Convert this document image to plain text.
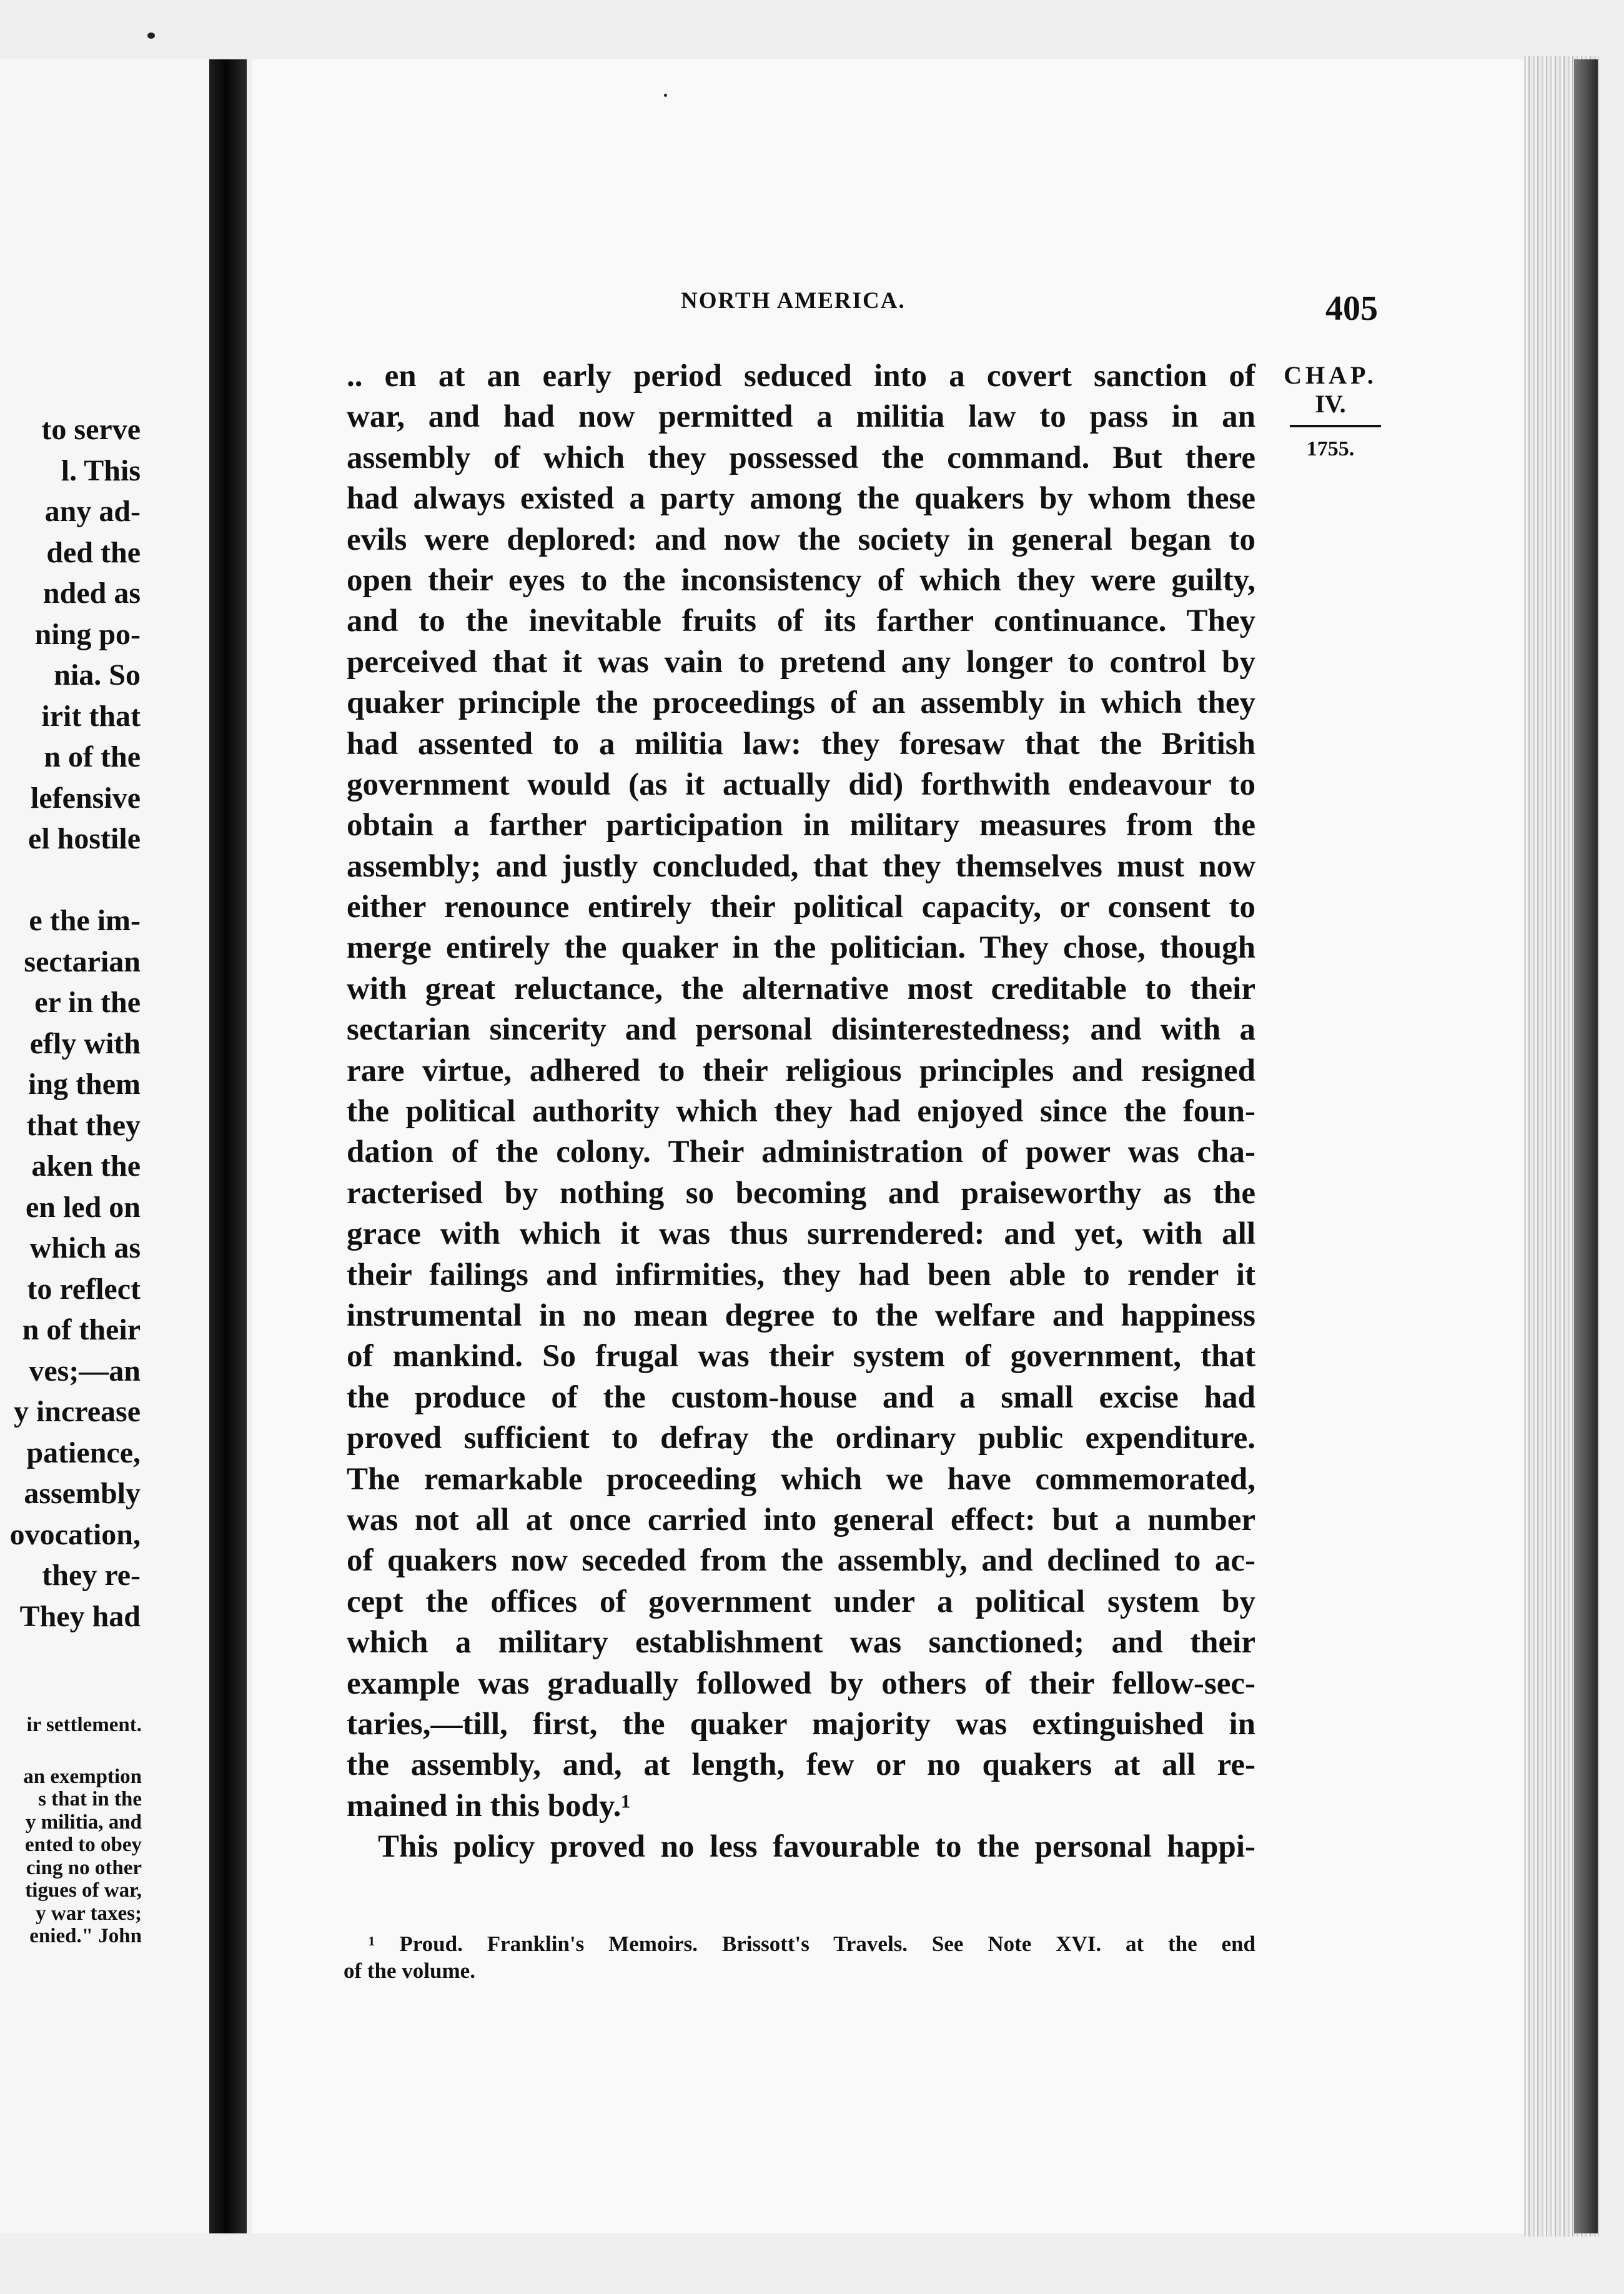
to serve
l. This
any ad-
ded the
nded as
ning po-
nia. So
irit that
n of the
lefensive
el hostile

e the im-
sectarian
er in the
efly with
ing them
that they
aken the
en led on
which as
to reflect
n of their
ves;—an
y increase
patience,
assembly
ovocation,
they re-
They had
ir settlement.
an exemption
s that in the
y militia, and
ented to obey
cing no other
tigues of war,
y war taxes;
enied." John
NORTH AMERICA.	405
CHAP.
IV.
1755.
.. en at an early period seduced into a covert sanction of
war, and had now permitted a militia law to pass in an
assembly of which they possessed the command. But there
had always existed a party among the quakers by whom these
evils were deplored: and now the society in general began to
open their eyes to the inconsistency of which they were guilty,
and to the inevitable fruits of its farther continuance. They
perceived that it was vain to pretend any longer to control by
quaker principle the proceedings of an assembly in which they
had assented to a militia law: they foresaw that the British
government would (as it actually did) forthwith endeavour to
obtain a farther participation in military measures from the
assembly; and justly concluded, that they themselves must now
either renounce entirely their political capacity, or consent to
merge entirely the quaker in the politician. They chose, though
with great reluctance, the alternative most creditable to their
sectarian sincerity and personal disinterestedness; and with a
rare virtue, adhered to their religious principles and resigned
the political authority which they had enjoyed since the foun-
dation of the colony. Their administration of power was cha-
racterised by nothing so becoming and praiseworthy as the
grace with which it was thus surrendered: and yet, with all
their failings and infirmities, they had been able to render it
instrumental in no mean degree to the welfare and happiness
of mankind. So frugal was their system of government, that
the produce of the custom-house and a small excise had
proved sufficient to defray the ordinary public expenditure.
The remarkable proceeding which we have commemorated,
was not all at once carried into general effect: but a number
of quakers now seceded from the assembly, and declined to ac-
cept the offices of government under a political system by
which a military establishment was sanctioned; and their
example was gradually followed by others of their fellow-sec-
taries,—till, first, the quaker majority was extinguished in
the assembly, and, at length, few or no quakers at all re-
mained in this body.¹
This policy proved no less favourable to the personal happi-
¹ Proud. Franklin's Memoirs. Brissott's Travels. See Note XVI. at the end
of the volume.
